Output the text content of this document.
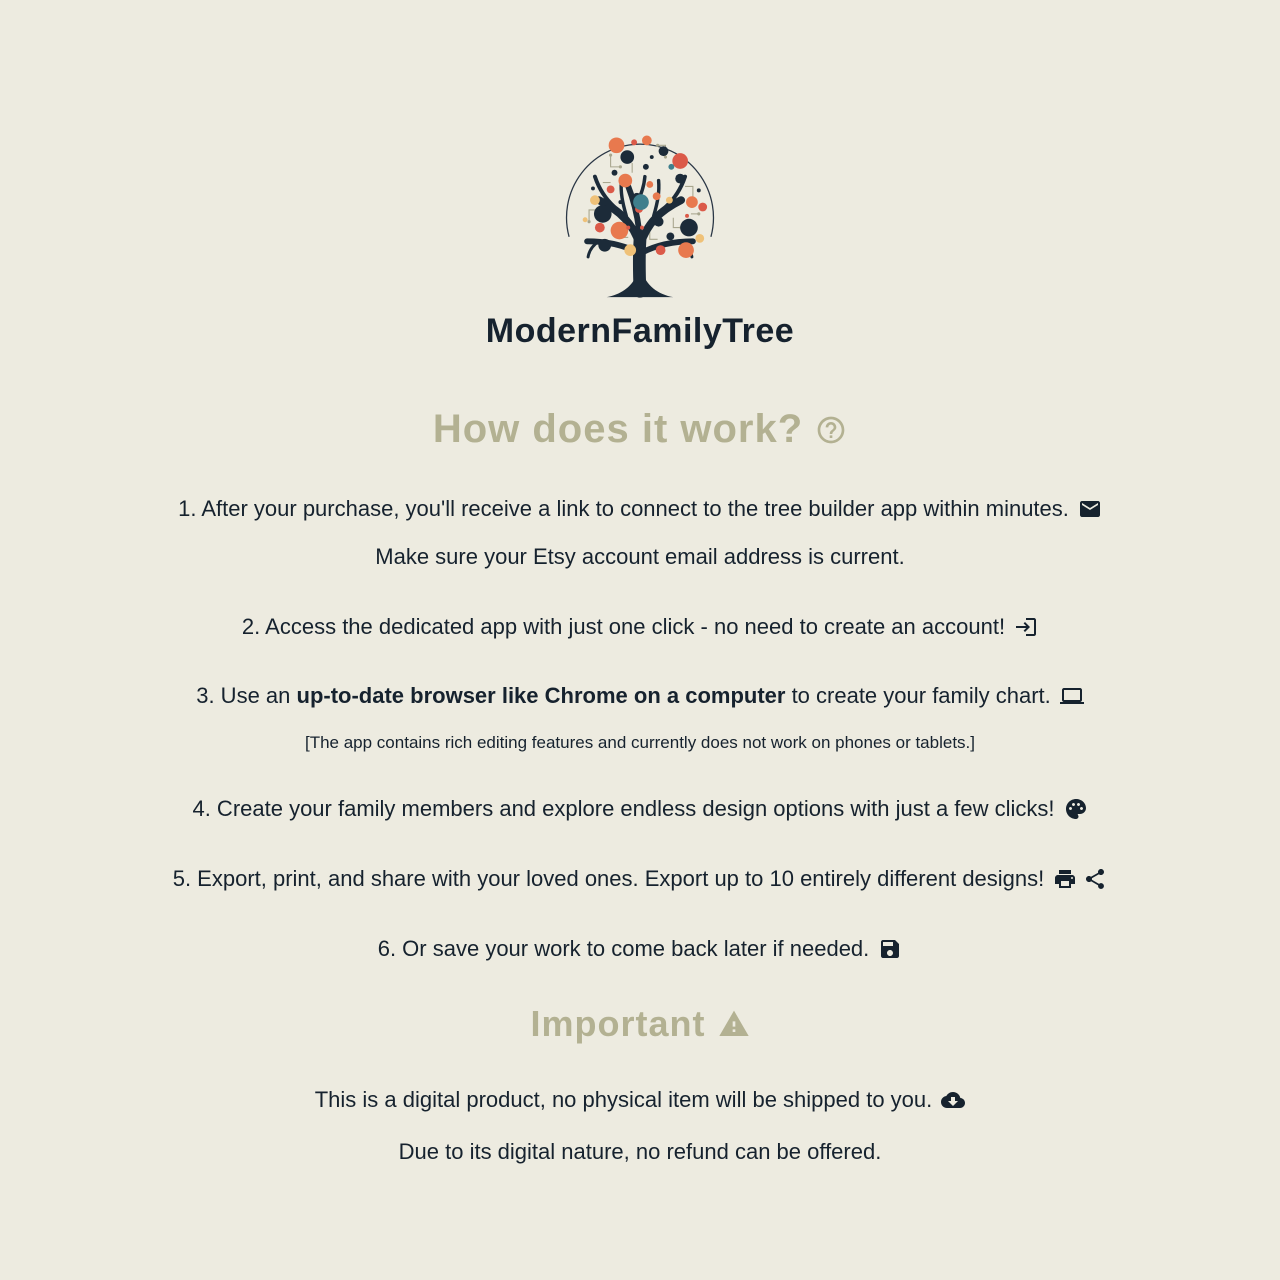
ModernFamilyTree
How does it work?

1. After your purchase, you'll receive a link to connect to the tree builder app within minutes.
Make sure your Etsy account email address is current.

2. Access the dedicated app with just one click - no need to create an account!

3. Use an up-to-date browser like Chrome on a computer to create your family chart.
[The app contains rich editing features and currently does not work on phones or tablets.]

4. Create your family members and explore endless design options with just a few clicks!

5. Export, print, and share with your loved ones. Export up to 10 entirely different designs!

6. Or save your work to come back later if needed.

Important

This is a digital product, no physical item will be shipped to you.

Due to its digital nature, no refund can be offered.
